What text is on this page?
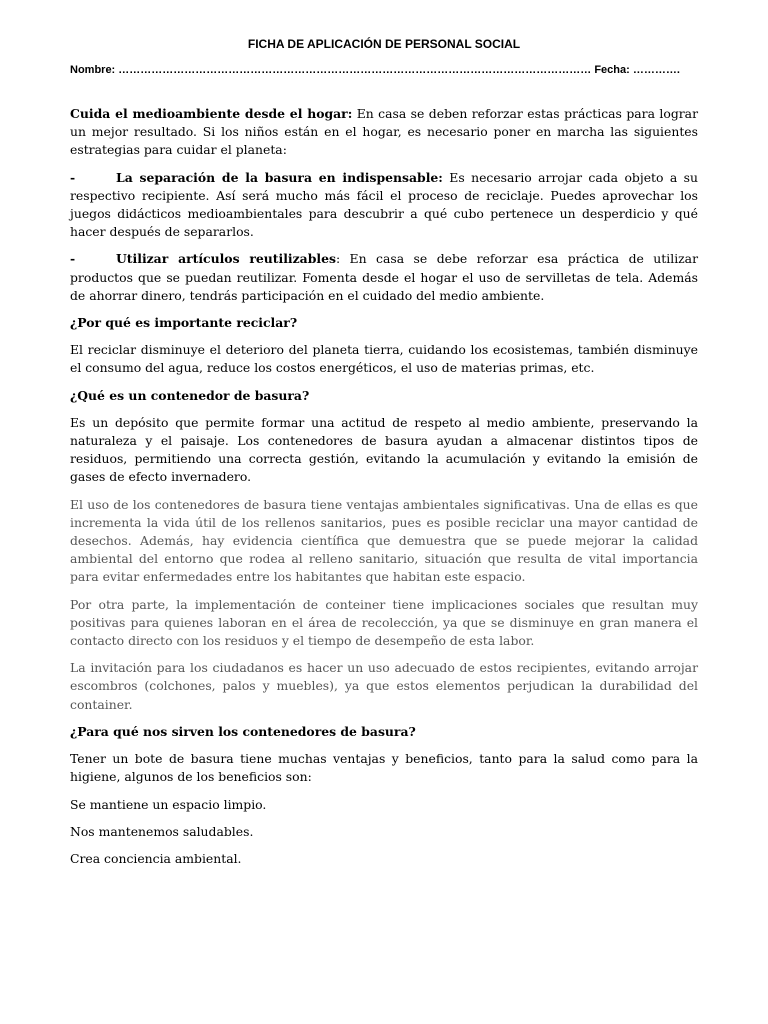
FICHA DE APLICACIÓN DE PERSONAL SOCIAL
Nombre: ………………………………………………………………………………………………………………… Fecha: ………….

Cuida el medioambiente desde el hogar: En casa se deben reforzar estas prácticas para lograr un mejor resultado. Si los niños están en el hogar, es necesario poner en marcha las siguientes estrategias para cuidar el planeta:

-	La separación de la basura en indispensable: Es necesario arrojar cada objeto a su respectivo recipiente. Así será mucho más fácil el proceso de reciclaje. Puedes aprovechar los juegos didácticos medioambientales para descubrir a qué cubo pertenece un desperdicio y qué hacer después de separarlos.

-	Utilizar artículos reutilizables: En casa se debe reforzar esa práctica de utilizar productos que se puedan reutilizar. Fomenta desde el hogar el uso de servilletas de tela. Además de ahorrar dinero, tendrás participación en el cuidado del medio ambiente.

¿Por qué es importante reciclar?

El reciclar disminuye el deterioro del planeta tierra, cuidando los ecosistemas, también disminuye el consumo del agua, reduce los costos energéticos, el uso de materias primas, etc.

¿Qué es un contenedor de basura?

Es un depósito que permite formar una actitud de respeto al medio ambiente, preservando la naturaleza y el paisaje. Los contenedores de basura ayudan a almacenar distintos tipos de residuos, permitiendo una correcta gestión, evitando la acumulación y evitando la emisión de gases de efecto invernadero.

El uso de los contenedores de basura tiene ventajas ambientales significativas. Una de ellas es que incrementa la vida útil de los rellenos sanitarios, pues es posible reciclar una mayor cantidad de desechos. Además, hay evidencia científica que demuestra que se puede mejorar la calidad ambiental del entorno que rodea al relleno sanitario, situación que resulta de vital importancia para evitar enfermedades entre los habitantes que habitan este espacio.

Por otra parte, la implementación de conteiner tiene implicaciones sociales que resultan muy positivas para quienes laboran en el área de recolección, ya que se disminuye en gran manera el contacto directo con los residuos y el tiempo de desempeño de esta labor.

La invitación para los ciudadanos es hacer un uso adecuado de estos recipientes, evitando arrojar escombros (colchones, palos y muebles), ya que estos elementos perjudican la durabilidad del container.

¿Para qué nos sirven los contenedores de basura?

Tener un bote de basura tiene muchas ventajas y beneficios, tanto para la salud como para la higiene, algunos de los beneficios son:

Se mantiene un espacio limpio.

Nos mantenemos saludables.

Crea conciencia ambiental.
